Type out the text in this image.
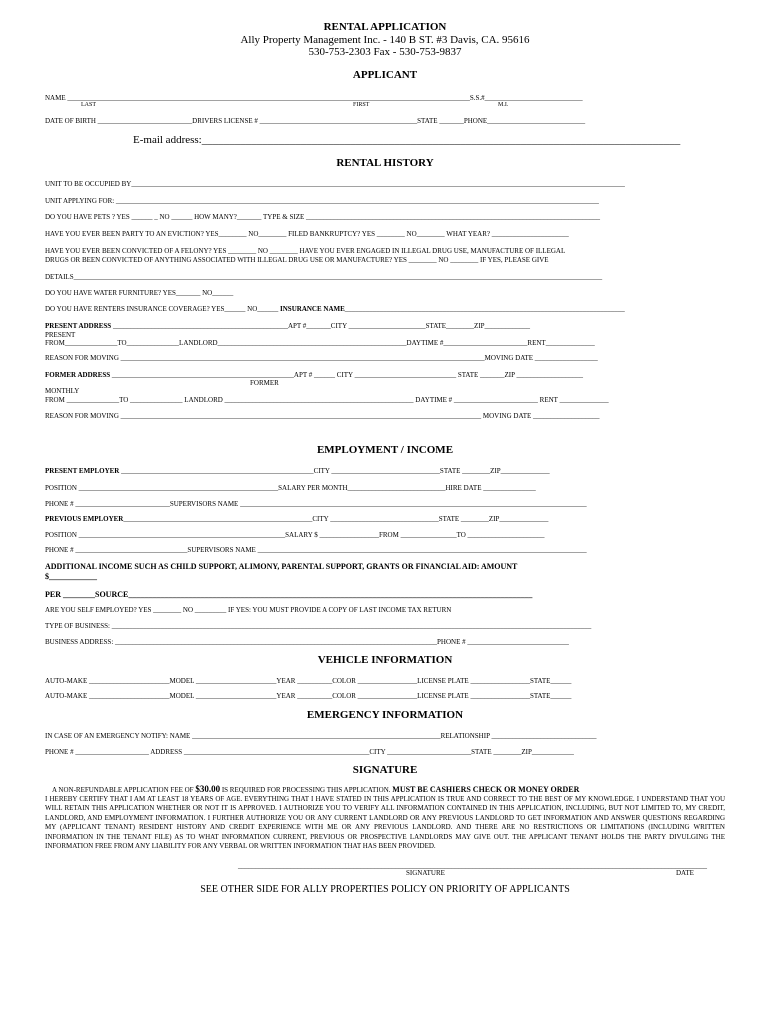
RENTAL APPLICATION
Ally Property Management Inc. - 140 B ST. #3 Davis, CA. 95616
530-753-2303 Fax - 530-753-9837
APPLICANT
NAME ___________________________________________________________________________________________________________________S.S.#____________________________
LAST	FIRST	M.I.
DATE OF BIRTH ___________________________DRIVERS LICENSE # _____________________________________________STATE _______PHONE____________________________
E-mail address:_______________________________________________________________________________________
RENTAL HISTORY
UNIT TO BE OCCUPIED BY_____________________________________________________________________________________________________________________________________________
UNIT APPLYING FOR: __________________________________________________________________________________________________________________________________________
DO YOU HAVE PETS ? YES ______ _ NO ______ HOW MANY?_______ TYPE & SIZE ____________________________________________________________________________________
HAVE YOU EVER BEEN PARTY TO AN EVICTION? YES________ NO________ FILED BANKRUPTCY? YES ________ NO________ WHAT YEAR? ______________________
HAVE YOU EVER BEEN CONVICTED OF A FELONY? YES ________ NO ________ HAVE YOU EVER ENGAGED IN ILLEGAL DRUG USE, MANUFACTURE OF ILLEGAL
DRUGS OR BEEN CONVICTED OF ANYTHING ASSOCIATED WITH ILLEGAL DRUG USE OR MANUFACTURE? YES ________ NO ________ IF YES, PLEASE GIVE
DETAILS_______________________________________________________________________________________________________________________________________________________
DO YOU HAVE WATER FURNITURE? YES_______ NO______
DO YOU HAVE RENTERS INSURANCE COVERAGE? YES______ NO______ INSURANCE NAME________________________________________________________________________________
PRESENT ADDRESS __________________________________________________APT #_______CITY ______________________STATE________ZIP_____________
PRESENT
FROM_______________TO_______________LANDLORD______________________________________________________DAYTIME #________________________RENT______________
REASON FOR MOVING ________________________________________________________________________________________________________MOVING DATE __________________
FORMER ADDRESS ____________________________________________________APT # ______ CITY _____________________________ STATE _______ZIP ___________________
FORMER
MONTHLY
FROM _______________TO _______________ LANDLORD ______________________________________________________ DAYTIME # ________________________ RENT ______________
REASON FOR MOVING _______________________________________________________________________________________________________ MOVING DATE ___________________
EMPLOYMENT / INCOME
PRESENT EMPLOYER _______________________________________________________CITY _______________________________STATE ________ZIP______________
POSITION _________________________________________________________SALARY PER MONTH____________________________HIRE DATE _______________
PHONE # ___________________________SUPERVISORS NAME ___________________________________________________________________________________________________
PREVIOUS EMPLOYER______________________________________________________CITY _______________________________STATE ________ZIP______________
POSITION ___________________________________________________________SALARY $ _________________FROM ________________TO ______________________
PHONE # ________________________________SUPERVISORS NAME ______________________________________________________________________________________________
ADDITIONAL INCOME SUCH AS CHILD SUPPORT, ALIMONY, PARENTAL SUPPORT, GRANTS OR FINANCIAL AID: AMOUNT
$____________
PER ________SOURCE_____________________________________________________________________________________________________
ARE YOU SELF EMPLOYED? YES ________ NO _________ IF YES: YOU MUST PROVIDE A COPY OF LAST INCOME TAX RETURN
TYPE OF BUSINESS: _________________________________________________________________________________________________________________________________________
BUSINESS ADDRESS: ____________________________________________________________________________________________PHONE # _____________________________
VEHICLE INFORMATION
AUTO-MAKE _______________________MODEL _______________________YEAR __________COLOR _________________LICENSE PLATE _________________STATE______
AUTO-MAKE _______________________MODEL _______________________YEAR __________COLOR _________________LICENSE PLATE _________________STATE______
EMERGENCY INFORMATION
IN CASE OF AN EMERGENCY NOTIFY: NAME _______________________________________________________________________RELATIONSHIP ______________________________
PHONE # _____________________ ADDRESS _____________________________________________________CITY ________________________STATE ________ZIP____________
SIGNATURE
A NON-REFUNDABLE APPLICATION FEE OF $30.00 IS REQUIRED FOR PROCESSING THIS APPLICATION. MUST BE CASHIERS CHECK OR MONEY ORDER
I HEREBY CERTIFY THAT I AM AT LEAST 18 YEARS OF AGE. EVERYTHING THAT I HAVE STATED IN THIS APPLICATION IS TRUE AND CORRECT TO THE BEST OF MY KNOWLEDGE. I UNDERSTAND THAT YOU WILL RETAIN THIS APPLICATION WHETHER OR NOT IT IS APPROVED. I AUTHORIZE YOU TO VERIFY ALL INFORMATION CONTAINED IN THIS APPLICATION, INCLUDING, BUT NOT LIMITED TO, MY CREDIT, LANDLORD, AND EMPLOYMENT INFORMATION. I FURTHER AUTHORIZE YOU OR ANY CURRENT LANDLORD OR ANY PREVIOUS LANDLORD TO GET INFORMATION AND ANSWER QUESTIONS REGARDING MY (APPLICANT TENANT) RESIDENT HISTORY AND CREDIT EXPERIENCE WITH ME OR ANY PREVIOUS LANDLORD. AND THERE ARE NO RESTRICTIONS OR LIMITATIONS (INCLUDING WRITTEN INFORMATION IN THE TENANT FILE) AS TO WHAT INFORMATION CURRENT, PREVIOUS OR PROSPECTIVE LANDLORDS MAY GIVE OUT. THE APPLICANT TENANT HOLDS THE PARTY DIVULGING THE INFORMATION FREE FROM ANY LIABILITY FOR ANY VERBAL OR WRITTEN INFORMATION THAT HAS BEEN PROVIDED.
______________________________________________________________________________________________________________________________________
SIGNATURE	DATE
SEE OTHER SIDE FOR ALLY PROPERTIES POLICY ON PRIORITY OF APPLICANTS
